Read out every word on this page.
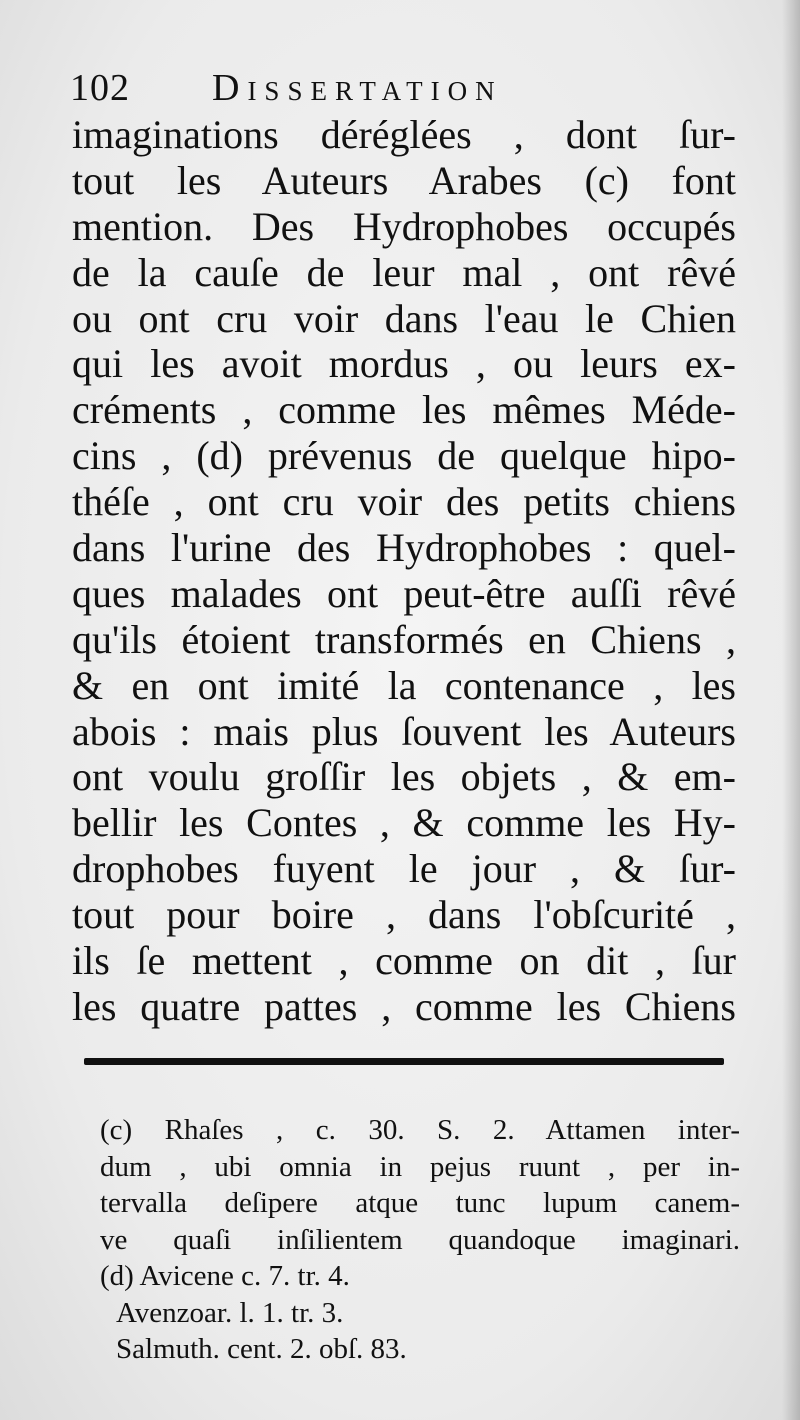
102 Dissertation
imaginations déréglées , dont ſur-
tout les Auteurs Arabes (c) font
mention. Des Hydrophobes occupés
de la cauſe de leur mal , ont rêvé
ou ont cru voir dans l'eau le Chien
qui les avoit mordus , ou leurs ex-
créments , comme les mêmes Méde-
cins , (d) prévenus de quelque hipo-
théſe , ont cru voir des petits chiens
dans l'urine des Hydrophobes : quel-
ques malades ont peut-être auſſi rêvé
qu'ils étoient transformés en Chiens ,
& en ont imité la contenance , les
abois : mais plus ſouvent les Auteurs
ont voulu groſſir les objets , & em-
bellir les Contes , & comme les Hy-
drophobes fuyent le jour , & ſur-
tout pour boire , dans l'obſcurité ,
ils ſe mettent , comme on dit , ſur
les quatre pattes , comme les Chiens
(c) Rhaſes , c. 30. S. 2. Attamen inter-
dum , ubi omnia in pejus ruunt , per in-
tervalla deſipere atque tunc lupum canem-
ve quaſi inſilientem quandoque imaginari.
(d) Avicene c. 7. tr. 4.
Avenzoar. l. 1. tr. 3.
Salmuth. cent. 2. obſ. 83.
